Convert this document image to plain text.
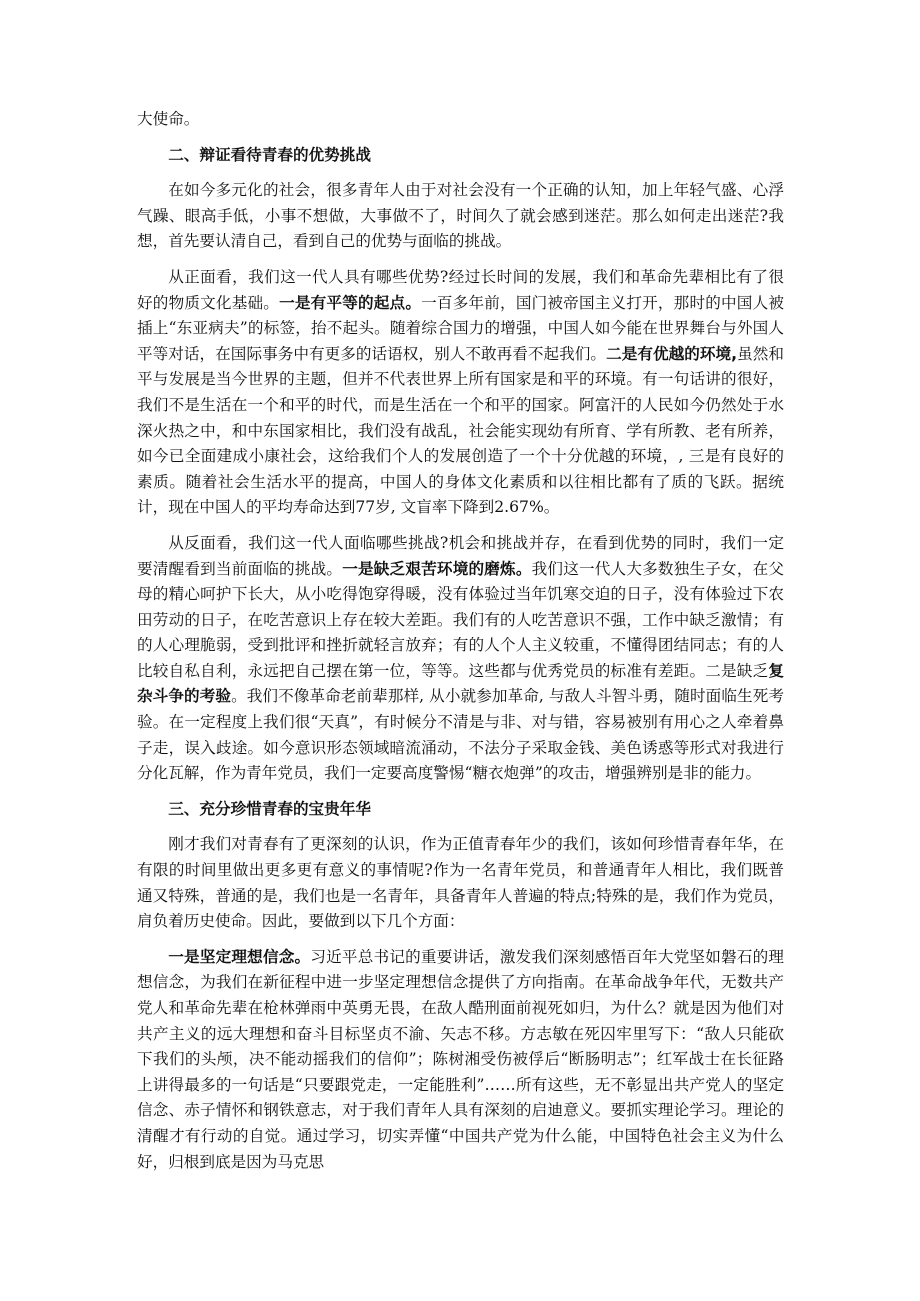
大使命。

二、辩证看待青春的优势挑战

在如今多元化的社会，很多青年人由于对社会没有一个正确的认知，加上年轻气盛、心浮气躁、眼高手低，小事不想做，大事做不了，时间久了就会感到迷茫。那么如何走出迷茫?我想，首先要认清自己，看到自己的优势与面临的挑战。

从正面看，我们这一代人具有哪些优势?经过长时间的发展，我们和革命先辈相比有了很好的物质文化基础。一是有平等的起点。一百多年前，国门被帝国主义打开，那时的中国人被插上“东亚病夫”的标签，抬不起头。随着综合国力的增强，中国人如今能在世界舞台与外国人平等对话，在国际事务中有更多的话语权，别人不敢再看不起我们。二是有优越的环境,虽然和平与发展是当今世界的主题，但并不代表世界上所有国家是和平的环境。有一句话讲的很好，我们不是生活在一个和平的时代，而是生活在一个和平的国家。阿富汗的人民如今仍然处于水深火热之中，和中东国家相比，我们没有战乱，社会能实现幼有所育、学有所教、老有所养，如今已全面建成小康社会，这给我们个人的发展创造了一个十分优越的环境，, 三是有良好的素质。随着社会生活水平的提高，中国人的身体文化素质和以往相比都有了质的飞跃。据统计，现在中国人的平均寿命达到77岁, 文盲率下降到2.67%。

从反面看，我们这一代人面临哪些挑战?机会和挑战并存，在看到优势的同时，我们一定要清醒看到当前面临的挑战。一是缺乏艰苦环境的磨炼。我们这一代人大多数独生子女，在父母的精心呵护下长大，从小吃得饱穿得暖，没有体验过当年饥寒交迫的日子，没有体验过下农田劳动的日子，在吃苦意识上存在较大差距。我们有的人吃苦意识不强，工作中缺乏激情；有的人心理脆弱，受到批评和挫折就轻言放弃；有的人个人主义较重，不懂得团结同志；有的人比较自私自利，永远把自己摆在第一位，等等。这些都与优秀党员的标准有差距。二是缺乏复杂斗争的考验。我们不像革命老前辈那样, 从小就参加革命, 与敌人斗智斗勇，随时面临生死考验。在一定程度上我们很“天真”，有时候分不清是与非、对与错，容易被别有用心之人牵着鼻子走，误入歧途。如今意识形态领域暗流涌动，不法分子采取金钱、美色诱惑等形式对我进行分化瓦解，作为青年党员，我们一定要高度警惕“糖衣炮弹”的攻击，增强辨别是非的能力。

三、充分珍惜青春的宝贵年华

刚才我们对青春有了更深刻的认识，作为正值青春年少的我们，该如何珍惜青春年华，在有限的时间里做出更多更有意义的事情呢?作为一名青年党员，和普通青年人相比，我们既普通又特殊，普通的是，我们也是一名青年，具备青年人普遍的特点;特殊的是，我们作为党员，肩负着历史使命。因此，要做到以下几个方面：

一是坚定理想信念。习近平总书记的重要讲话，激发我们深刻感悟百年大党坚如磐石的理想信念，为我们在新征程中进一步坚定理想信念提供了方向指南。在革命战争年代，无数共产党人和革命先辈在枪林弹雨中英勇无畏，在敌人酷刑面前视死如归，为什么？就是因为他们对共产主义的远大理想和奋斗目标坚贞不渝、矢志不移。方志敏在死囚牢里写下：“敌人只能砍下我们的头颅，决不能动摇我们的信仰”；陈树湘受伤被俘后“断肠明志”；红军战士在长征路上讲得最多的一句话是“只要跟党走，一定能胜利”……所有这些，无不彰显出共产党人的坚定信念、赤子情怀和钢铁意志，对于我们青年人具有深刻的启迪意义。要抓实理论学习。理论的清醒才有行动的自觉。通过学习，切实弄懂“中国共产党为什么能，中国特色社会主义为什么好，归根到底是因为马克思
